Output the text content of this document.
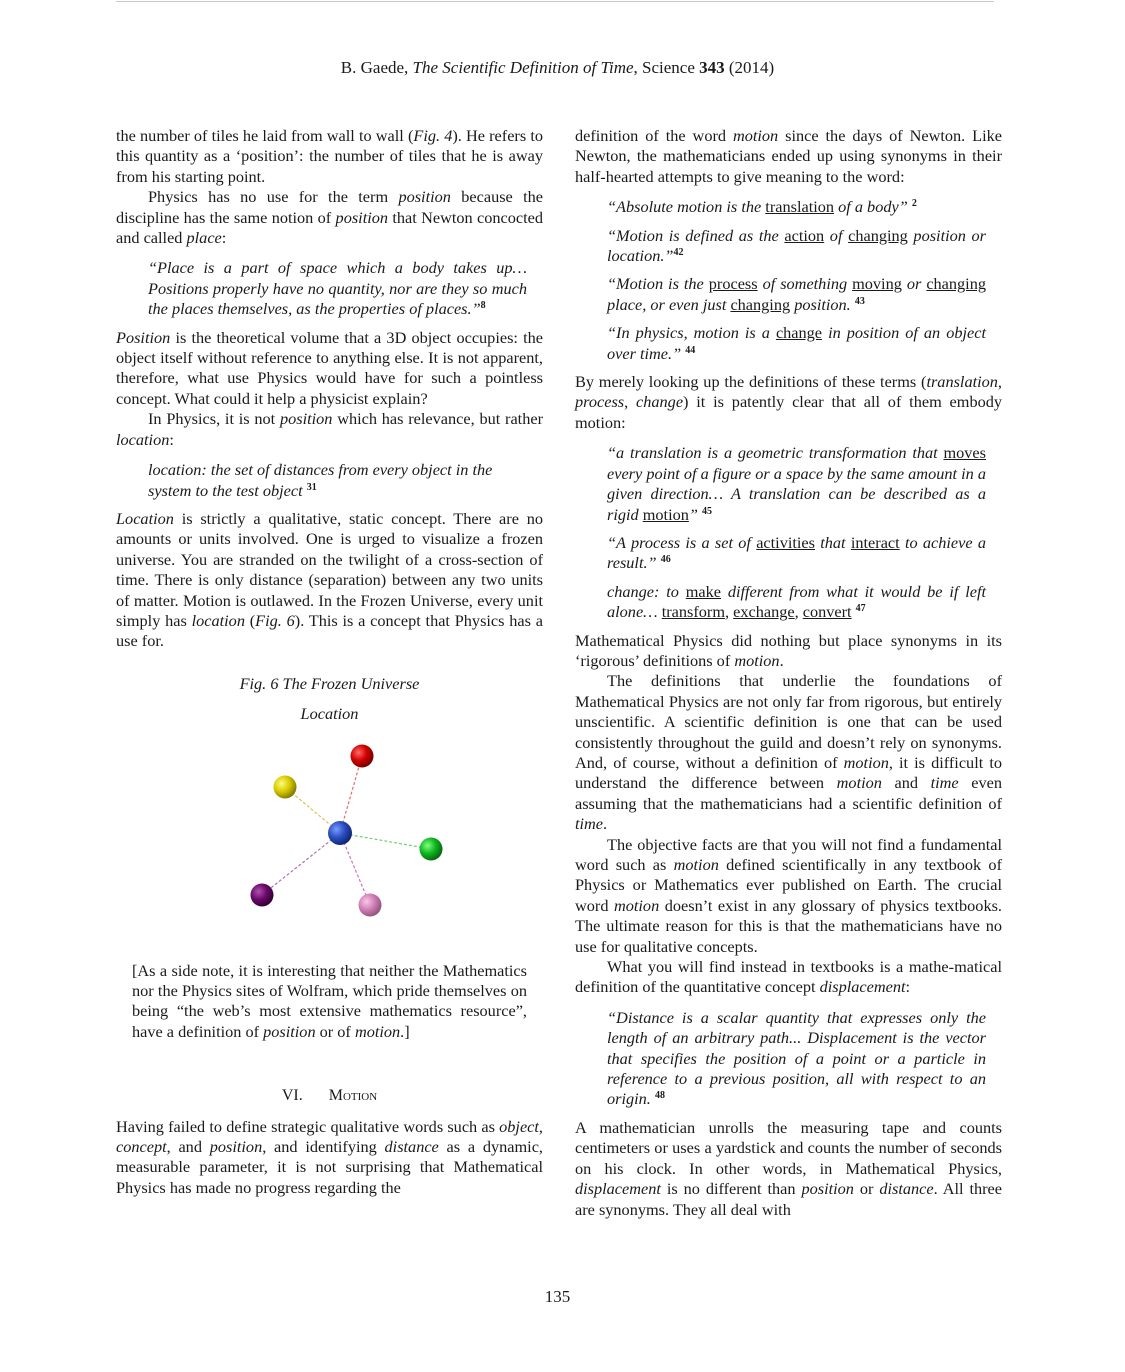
B. Gaede, The Scientific Definition of Time, Science 343 (2014)

the number of tiles he laid from wall to wall (Fig. 4). He refers to this quantity as a ‘position’: the number of tiles that he is away from his starting point.

Physics has no use for the term position because the discipline has the same notion of position that Newton concocted and called place:

“Place is a part of space which a body takes up… Positions properly have no quantity, nor are they so much the places themselves, as the properties of places.”$^8$

Position is the theoretical volume that a 3D object occupies: the object itself without reference to anything else. It is not apparent, therefore, what use Physics would have for such a pointless concept. What could it help a physicist explain?

In Physics, it is not position which has relevance, but rather location:

location: the set of distances from every object in the system to the test object $^{31}$

Location is strictly a qualitative, static concept. There are no amounts or units involved. One is urged to visualize a frozen universe. You are stranded on the twilight of a cross-section of time. There is only distance (separation) between any two units of matter. Motion is outlawed. In the Frozen Universe, every unit simply has location (Fig. 6). This is a concept that Physics has a use for.

Fig. 6 The Frozen Universe

Location

[As a side note, it is interesting that neither the Mathematics nor the Physics sites of Wolfram, which pride themselves on being “the web’s most extensive mathematics resource”, have a definition of position or of motion.]

VI. Motion

Having failed to define strategic qualitative words such as object, concept, and position, and identifying distance as a dynamic, measurable parameter, it is not surprising that Mathematical Physics has made no progress regarding the

definition of the word motion since the days of Newton. Like Newton, the mathematicians ended up using synonyms in their half-hearted attempts to give meaning to the word:

“Absolute motion is the translation of a body” $^2$

“Motion is defined as the action of changing position or location.”$^{42}$

“Motion is the process of something moving or changing place, or even just changing position. $^{43}$

“In physics, motion is a change in position of an object over time.” $^{44}$

By merely looking up the definitions of these terms (translation, process, change) it is patently clear that all of them embody motion:

“a translation is a geometric transformation that moves every point of a figure or a space by the same amount in a given direction… A translation can be described as a rigid motion” $^{45}$

“A process is a set of activities that interact to achieve a result.” $^{46}$

change: to make different from what it would be if left alone… transform, exchange, convert $^{47}$

Mathematical Physics did nothing but place synonyms in its ‘rigorous’ definitions of motion.

The definitions that underlie the foundations of Mathematical Physics are not only far from rigorous, but entirely unscientific. A scientific definition is one that can be used consistently throughout the guild and doesn’t rely on synonyms. And, of course, without a definition of motion, it is difficult to understand the difference between motion and time even assuming that the mathematicians had a scientific definition of time.

The objective facts are that you will not find a fundamental word such as motion defined scientifically in any textbook of Physics or Mathematics ever published on Earth. The crucial word motion doesn’t exist in any glossary of physics textbooks. The ultimate reason for this is that the mathematicians have no use for qualitative concepts.

What you will find instead in textbooks is a mathe-matical definition of the quantitative concept displacement:

“Distance is a scalar quantity that expresses only the length of an arbitrary path... Displacement is the vector that specifies the position of a point or a particle in reference to a previous position, all with respect to an origin. $^{48}$

A mathematician unrolls the measuring tape and counts centimeters or uses a yardstick and counts the number of seconds on his clock. In other words, in Mathematical Physics, displacement is no different than position or distance. All three are synonyms. They all deal with

135
